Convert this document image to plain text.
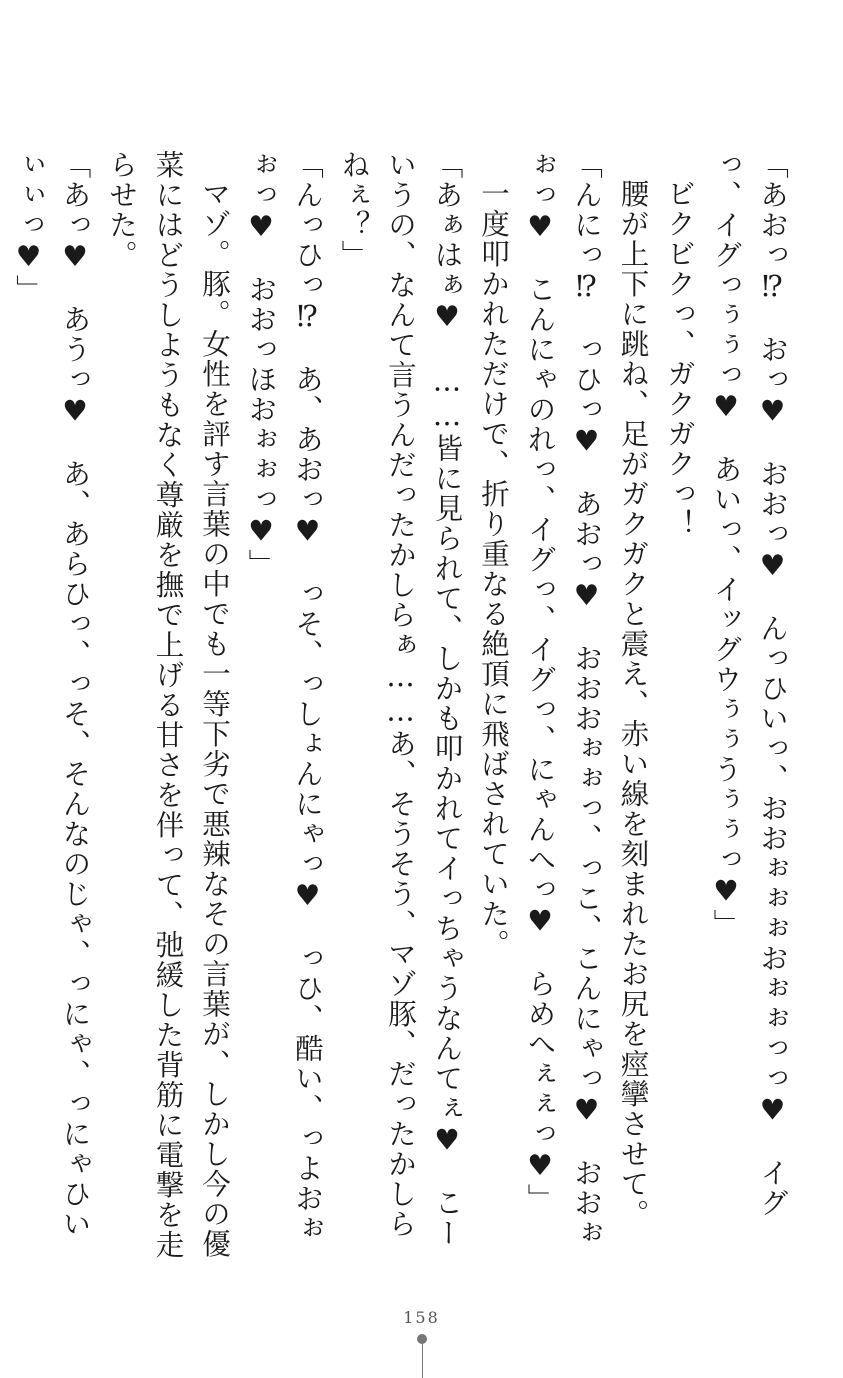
「あおっ⁉　おっ♥　おおっ♥　んっひいっ、おおぉぉぉおぉぉっっ♥　イグっ、イグっぅぅっ♥　あいっ、イッグウぅぅうぅぅっ♥」

ビクビクっ、ガクガクっ！

腰が上下に跳ね、足がガクガクと震え、赤い線を刻まれたお尻を痙攣させて。

「んにっ⁉　っひっ♥　あおっ♥　おおおぉぉっ、っこ、こんにゃっ♥　おおぉぉっ♥　こんにゃのれっ、イグっ、イグっ、にゃんへっ♥　らめへぇぇっ♥」

一度叩かれただけで、折り重なる絶頂に飛ばされていた。

「あぁはぁ♥　……皆に見られて、しかも叩かれてイっちゃうなんてぇ♥　こーいうの、なんて言うんだったかしらぁ……あ、そうそう、マゾ豚、だったかしらねぇ？」

「んっひっ⁉　あ、あおっ♥　っそ、っしょんにゃっ♥　っひ、酷い、っよおぉぉっ♥　おおっほおぉぉっ♥」

マゾ。豚。女性を評す言葉の中でも一等下劣で悪辣なその言葉が、しかし今の優菜にはどうしようもなく尊厳を撫で上げる甘さを伴って、弛緩した背筋に電撃を走らせた。

「あっ♥　あうっ♥　あ、あらひっ、っそ、そんなのじゃ、っにゃ、っにゃひいぃぃっ♥」

158
